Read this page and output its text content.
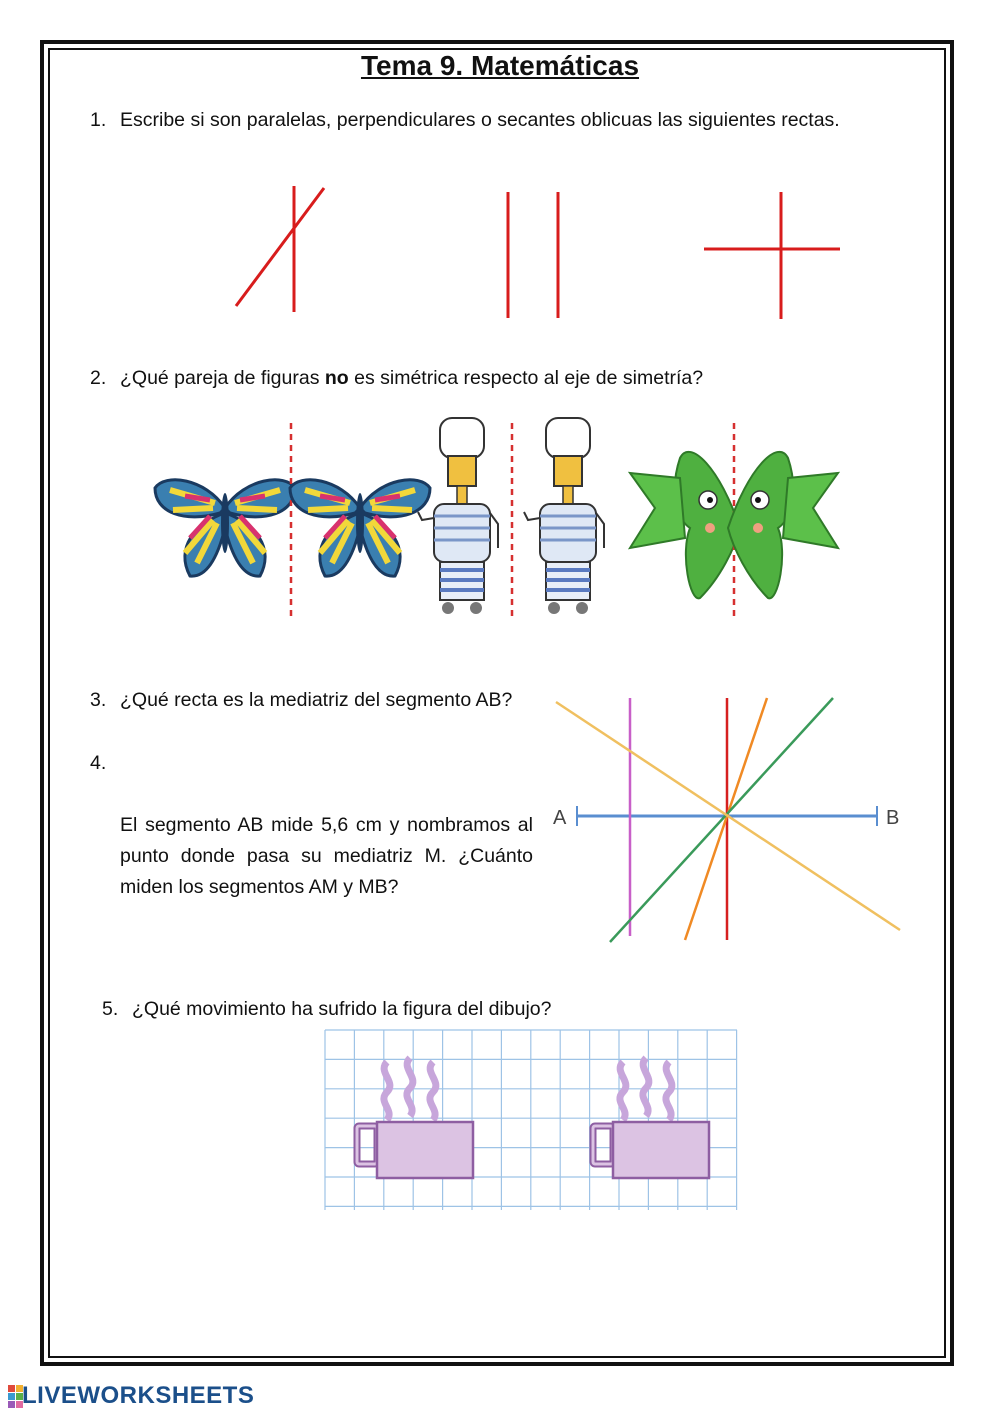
Tema 9. Matemáticas
1. Escribe si son paralelas, perpendiculares o secantes oblicuas las siguientes rectas.
2. ¿Qué pareja de figuras no es simétrica respecto al eje de simetría?
3. ¿Qué recta es la mediatriz del segmento AB?
4.
El segmento AB mide 5,6 cm y nombramos al punto donde pasa su mediatriz M. ¿Cuánto miden los segmentos AM y MB?
A	B
5. ¿Qué movimiento ha sufrido la figura del dibujo?
LIVEWORKSHEETS
